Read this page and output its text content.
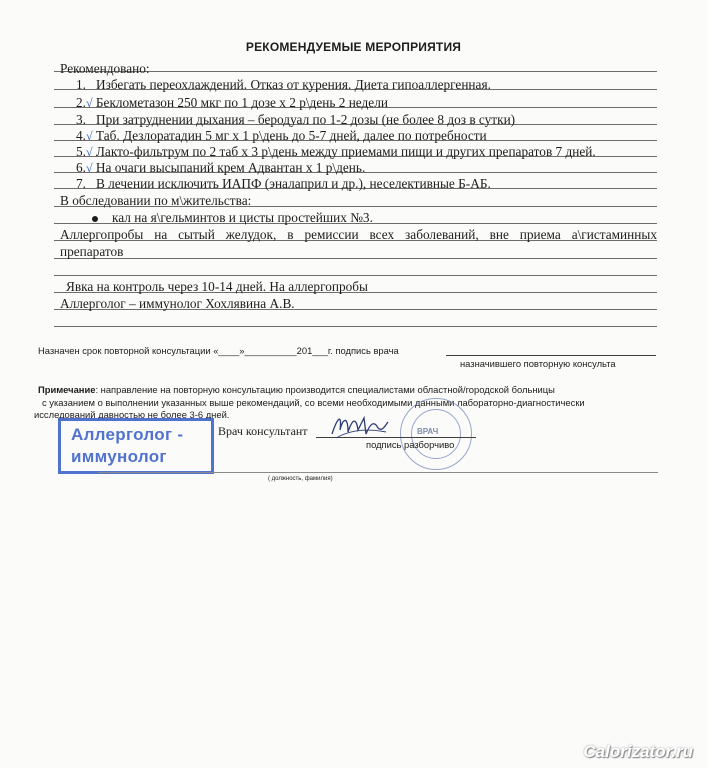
РЕКОМЕНДУЕМЫЕ МЕРОПРИЯТИЯ
Рекомендовано:
1. Избегать переохлаждений. Отказ от курения. Диета гипоаллергенная.
2.√ Беклометазон 250 мкг по 1 дозе х 2 р\день 2 недели
3. При затруднении дыхания – беродуал по 1-2 дозы (не более 8 доз в сутки)
4.√ Таб. Дезлоратадин 5 мг х 1 р\день до 5-7 дней, далее по потребности
5.√ Лакто-фильтрум по 2 таб х 3 р\день между приемами пищи и других препаратов 7 дней.
6.√ На очаги высыпаний крем Адвантан х 1 р\день.
7. В лечении исключить ИАПФ (эналаприл и др.), неселективные Б-АБ.
В обследовании по м\жительства:
кал на я\гельминтов и цисты простейших №3.
Аллергопробы на сытый желудок, в ремиссии всех заболеваний, вне приема а\гистаминных
препаратов
Явка на контроль через 10-14 дней. На аллергопробы
Аллерголог – иммунолог Хохлявина А.В.
Назначен срок повторной консультации «____»__________201___г. подпись врача
назначившего повторную консульта
Примечание: направление на повторную консультацию производится специалистами областной/городской больницы
с указанием о выполнении указанных выше рекомендаций, со всеми необходимыми данными лабораторно-диагностически
исследований давностью не более 3-6 дней.
Аллерголог -
иммунолог
ВРАЧ
Врач консультант
подпись разборчиво
( должность, фамилия)
Calorizator.ru
